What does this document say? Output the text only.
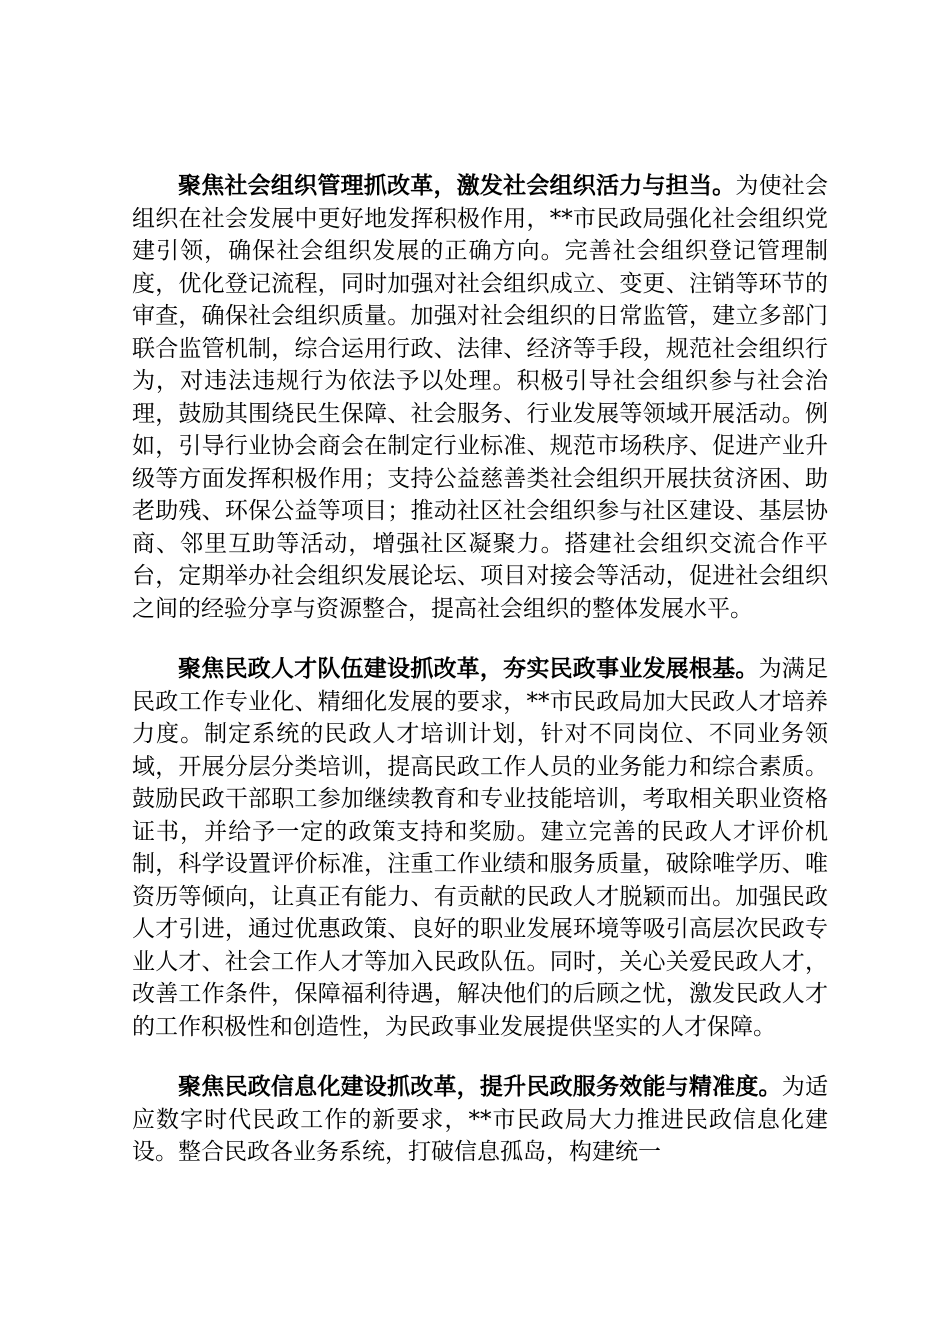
聚焦社会组织管理抓改革，激发社会组织活力与担当。为使社会组织在社会发展中更好地发挥积极作用，**市民政局强化社会组织党建引领，确保社会组织发展的正确方向。完善社会组织登记管理制度，优化登记流程，同时加强对社会组织成立、变更、注销等环节的审查，确保社会组织质量。加强对社会组织的日常监管，建立多部门联合监管机制，综合运用行政、法律、经济等手段，规范社会组织行为，对违法违规行为依法予以处理。积极引导社会组织参与社会治理，鼓励其围绕民生保障、社会服务、行业发展等领域开展活动。例如，引导行业协会商会在制定行业标准、规范市场秩序、促进产业升级等方面发挥积极作用；支持公益慈善类社会组织开展扶贫济困、助老助残、环保公益等项目；推动社区社会组织参与社区建设、基层协商、邻里互助等活动，增强社区凝聚力。搭建社会组织交流合作平台，定期举办社会组织发展论坛、项目对接会等活动，促进社会组织之间的经验分享与资源整合，提高社会组织的整体发展水平。

聚焦民政人才队伍建设抓改革，夯实民政事业发展根基。为满足民政工作专业化、精细化发展的要求，**市民政局加大民政人才培养力度。制定系统的民政人才培训计划，针对不同岗位、不同业务领域，开展分层分类培训，提高民政工作人员的业务能力和综合素质。鼓励民政干部职工参加继续教育和专业技能培训，考取相关职业资格证书，并给予一定的政策支持和奖励。建立完善的民政人才评价机制，科学设置评价标准，注重工作业绩和服务质量，破除唯学历、唯资历等倾向，让真正有能力、有贡献的民政人才脱颖而出。加强民政人才引进，通过优惠政策、良好的职业发展环境等吸引高层次民政专业人才、社会工作人才等加入民政队伍。同时，关心关爱民政人才，改善工作条件，保障福利待遇，解决他们的后顾之忧，激发民政人才的工作积极性和创造性，为民政事业发展提供坚实的人才保障。

聚焦民政信息化建设抓改革，提升民政服务效能与精准度。为适应数字时代民政工作的新要求，**市民政局大力推进民政信息化建设。整合民政各业务系统，打破信息孤岛，构建统一
